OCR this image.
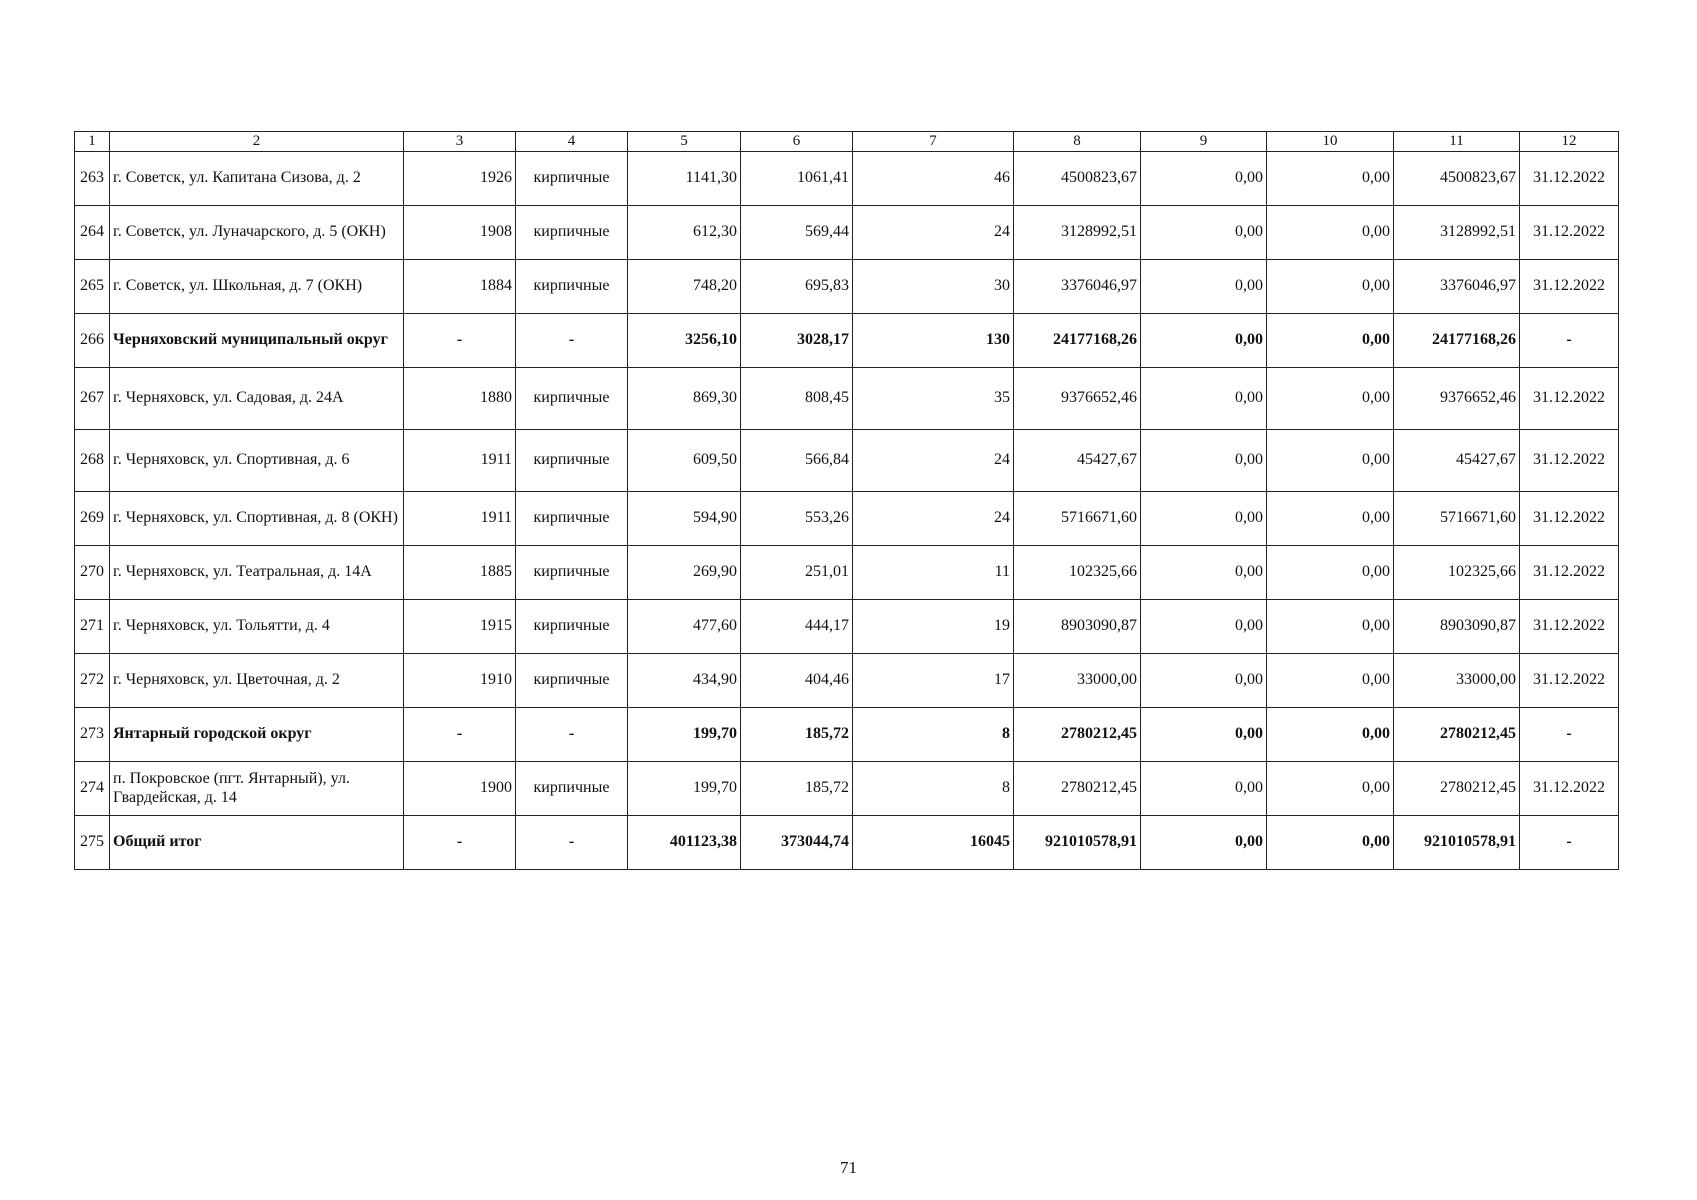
1	2	3	4	5	6	7	8	9	10	11	12
263	г. Советск, ул. Капитана Сизова, д. 2	1926	кирпичные	1141,30	1061,41	46	4500823,67	0,00	0,00	4500823,67	31.12.2022
264	г. Советск, ул. Луначарского, д. 5 (ОКН)	1908	кирпичные	612,30	569,44	24	3128992,51	0,00	0,00	3128992,51	31.12.2022
265	г. Советск, ул. Школьная, д. 7 (ОКН)	1884	кирпичные	748,20	695,83	30	3376046,97	0,00	0,00	3376046,97	31.12.2022
266	Черняховский муниципальный округ	-	-	3256,10	3028,17	130	24177168,26	0,00	0,00	24177168,26	-
267	г. Черняховск, ул. Садовая, д. 24А	1880	кирпичные	869,30	808,45	35	9376652,46	0,00	0,00	9376652,46	31.12.2022
268	г. Черняховск, ул. Спортивная, д. 6	1911	кирпичные	609,50	566,84	24	45427,67	0,00	0,00	45427,67	31.12.2022
269	г. Черняховск, ул. Спортивная, д. 8 (ОКН)	1911	кирпичные	594,90	553,26	24	5716671,60	0,00	0,00	5716671,60	31.12.2022
270	г. Черняховск, ул. Театральная, д. 14А	1885	кирпичные	269,90	251,01	11	102325,66	0,00	0,00	102325,66	31.12.2022
271	г. Черняховск, ул. Тольятти, д. 4	1915	кирпичные	477,60	444,17	19	8903090,87	0,00	0,00	8903090,87	31.12.2022
272	г. Черняховск, ул. Цветочная, д. 2	1910	кирпичные	434,90	404,46	17	33000,00	0,00	0,00	33000,00	31.12.2022
273	Янтарный городской округ	-	-	199,70	185,72	8	2780212,45	0,00	0,00	2780212,45	-
274	п. Покровское (пгт. Янтарный), ул. Гвардейская, д. 14	1900	кирпичные	199,70	185,72	8	2780212,45	0,00	0,00	2780212,45	31.12.2022
275	Общий итог	-	-	401123,38	373044,74	16045	921010578,91	0,00	0,00	921010578,91	-
71
